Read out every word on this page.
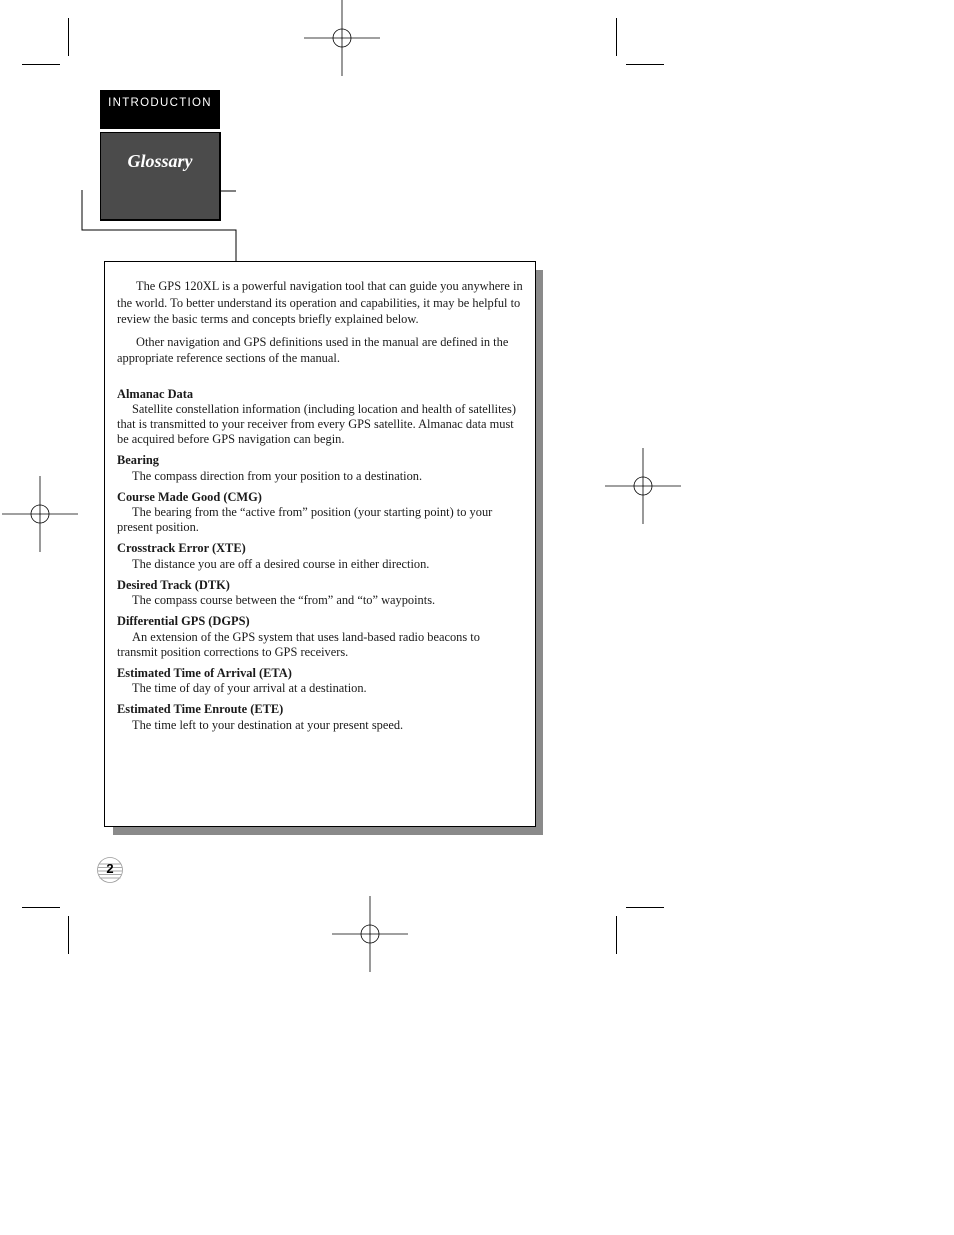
INTRODUCTION
Glossary

The GPS 120XL is a powerful navigation tool that can guide you anywhere in the world. To better understand its operation and capabilities, it may be helpful to review the basic terms and concepts briefly explained below.

Other navigation and GPS definitions used in the manual are defined in the appropriate reference sections of the manual.

Almanac Data

Satellite constellation information (including location and health of satellites) that is transmitted to your receiver from every GPS satellite. Almanac data must be acquired before GPS navigation can begin.

Bearing

The compass direction from your position to a destination.

Course Made Good (CMG)

The bearing from the “active from” position (your starting point) to your present position.

Crosstrack Error (XTE)

The distance you are off a desired course in either direction.

Desired Track (DTK)

The compass course between the “from” and “to” waypoints.

Differential GPS (DGPS)

An extension of the GPS system that uses land-based radio beacons to transmit position corrections to GPS receivers.

Estimated Time of Arrival (ETA)

The time of day of your arrival at a destination.

Estimated Time Enroute (ETE)

The time left to your destination at your present speed.

2
